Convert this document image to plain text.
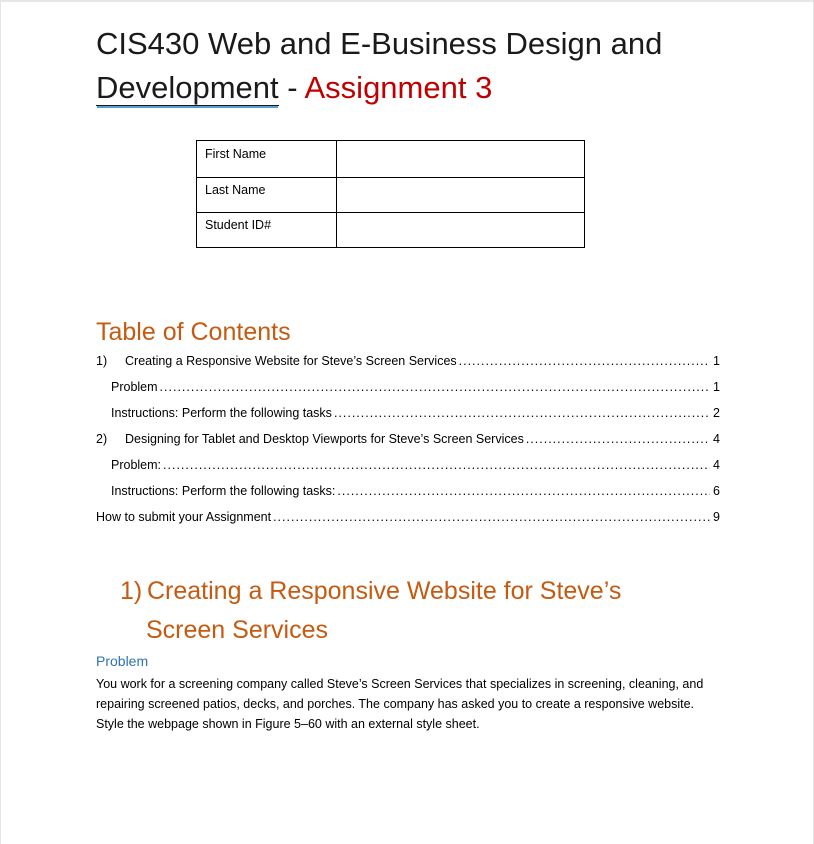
CIS430 Web and E-Business Design and
Development - Assignment 3
First Name	
Last Name	
Student ID#	
Table of Contents
1)	Creating a Responsive Website for Steve’s Screen Services .....	1
Problem .....	1
Instructions: Perform the following tasks .....	2
2)	Designing for Tablet and Desktop Viewports for Steve’s Screen Services .....	4
Problem: .....	4
Instructions: Perform the following tasks: .....	6
How to submit your Assignment .....	9
1) Creating a Responsive Website for Steve’s
Screen Services
Problem
You work for a screening company called Steve’s Screen Services that specializes in screening, cleaning, and repairing screened patios, decks, and porches. The company has asked you to create a responsive website. Style the webpage shown in Figure 5–60 with an external style sheet.
